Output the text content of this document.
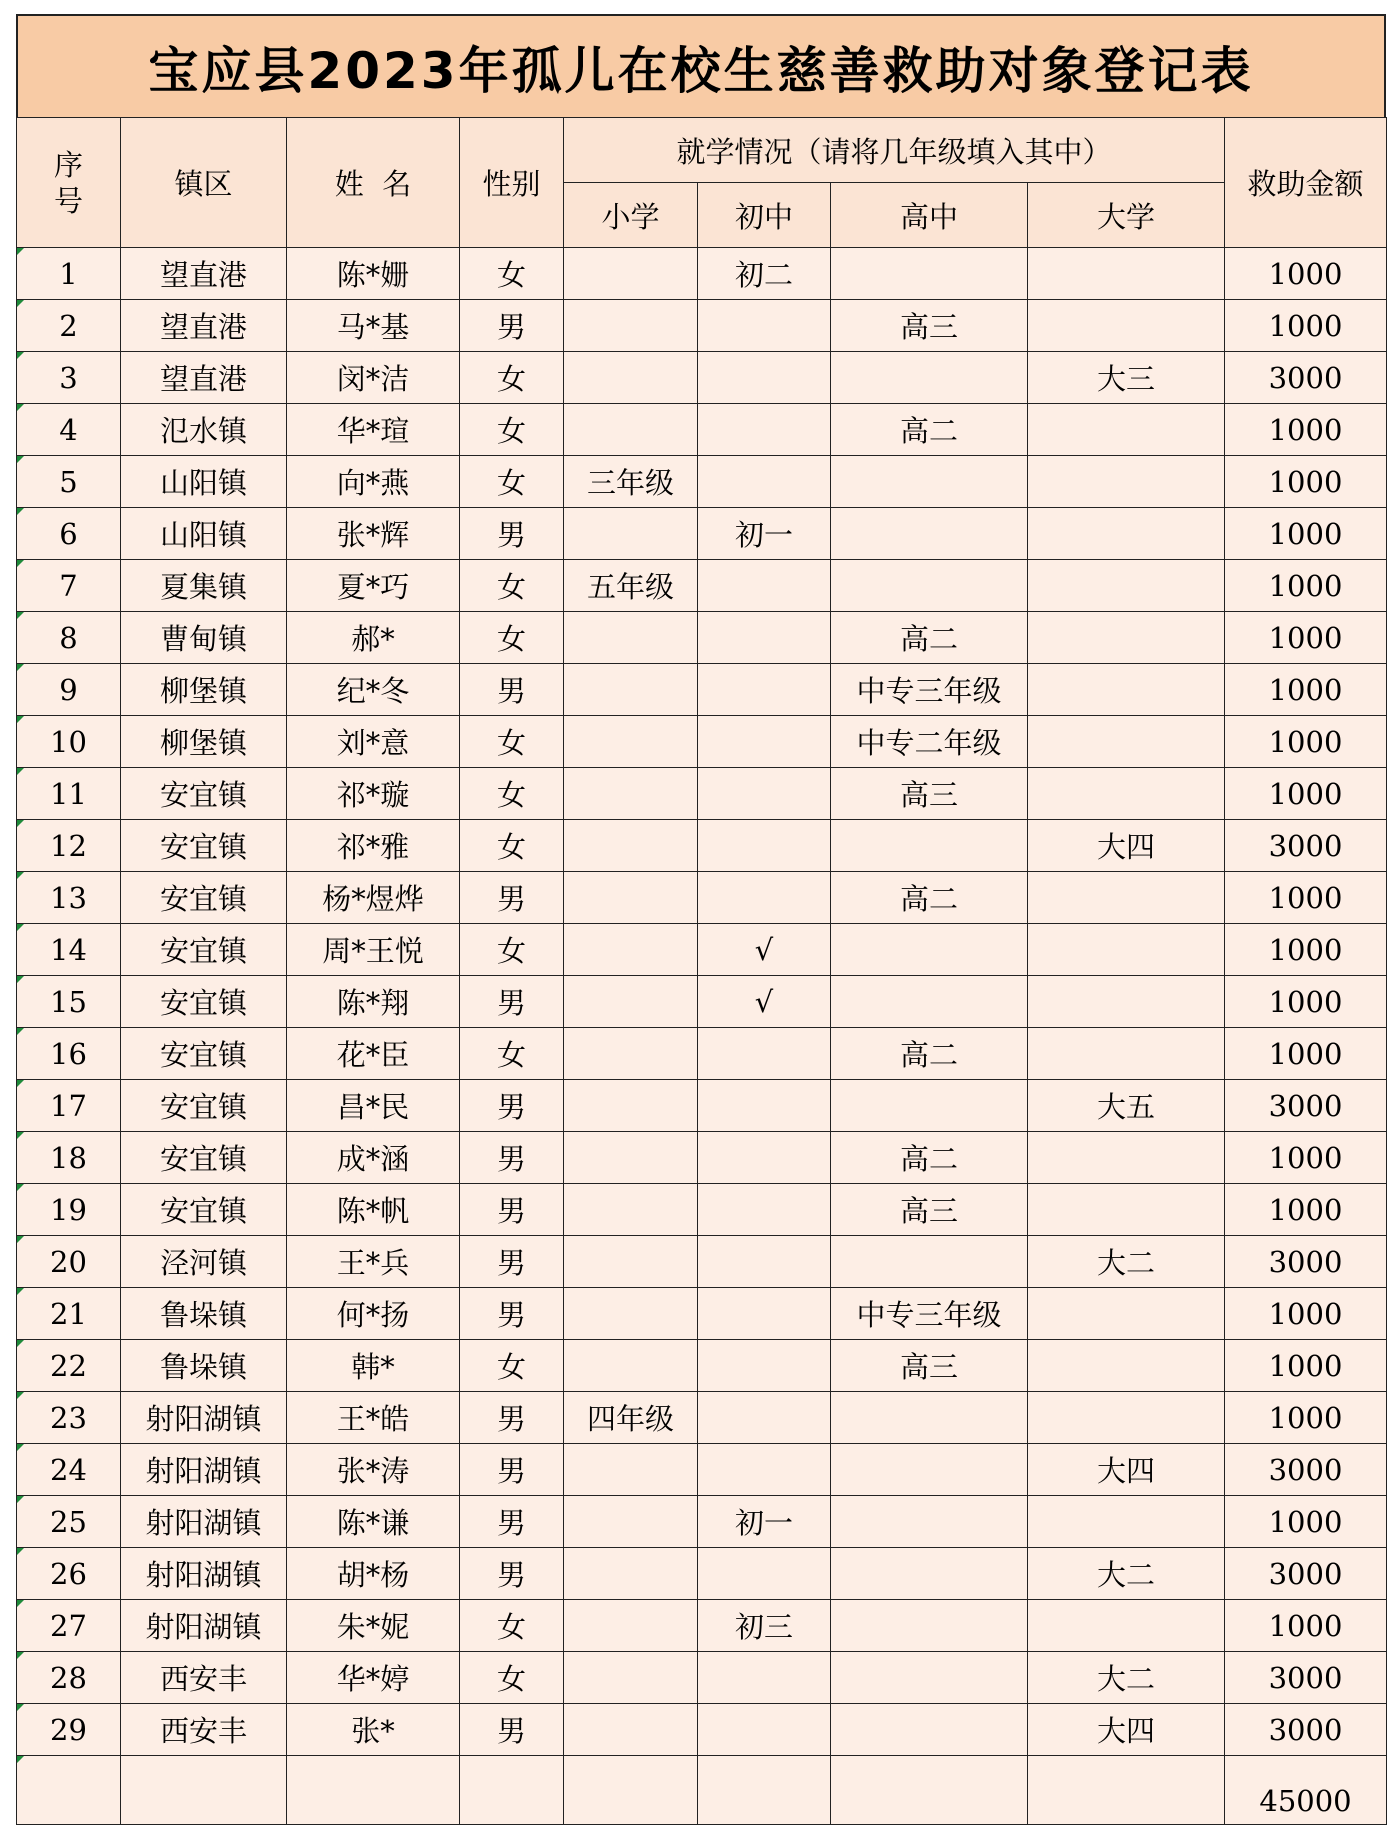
宝应县2023年孤儿在校生慈善救助对象登记表
序号	镇区	姓  名	性别	就学情况（请将几年级填入其中）				救助金额
				小学	初中	高中	大学	
1	望直港	陈*姗	女		初二			1000
2	望直港	马*基	男			高三		1000
3	望直港	闵*洁	女				大三	3000
4	氾水镇	华*瑄	女			高二		1000
5	山阳镇	向*燕	女	三年级				1000
6	山阳镇	张*辉	男		初一			1000
7	夏集镇	夏*巧	女	五年级				1000
8	曹甸镇	郝*	女			高二		1000
9	柳堡镇	纪*冬	男			中专三年级		1000
10	柳堡镇	刘*意	女			中专二年级		1000
11	安宜镇	祁*璇	女			高三		1000
12	安宜镇	祁*雅	女				大四	3000
13	安宜镇	杨*煜烨	男			高二		1000
14	安宜镇	周*王悦	女		√			1000
15	安宜镇	陈*翔	男		√			1000
16	安宜镇	花*臣	女			高二		1000
17	安宜镇	昌*民	男				大五	3000
18	安宜镇	成*涵	男			高二		1000
19	安宜镇	陈*帆	男			高三		1000
20	泾河镇	王*兵	男				大二	3000
21	鲁垛镇	何*扬	男			中专三年级		1000
22	鲁垛镇	韩*	女			高三		1000
23	射阳湖镇	王*皓	男	四年级				1000
24	射阳湖镇	张*涛	男				大四	3000
25	射阳湖镇	陈*谦	男		初一			1000
26	射阳湖镇	胡*杨	男				大二	3000
27	射阳湖镇	朱*妮	女		初三			1000
28	西安丰	华*婷	女				大二	3000
29	西安丰	张*	男				大四	3000
								45000
